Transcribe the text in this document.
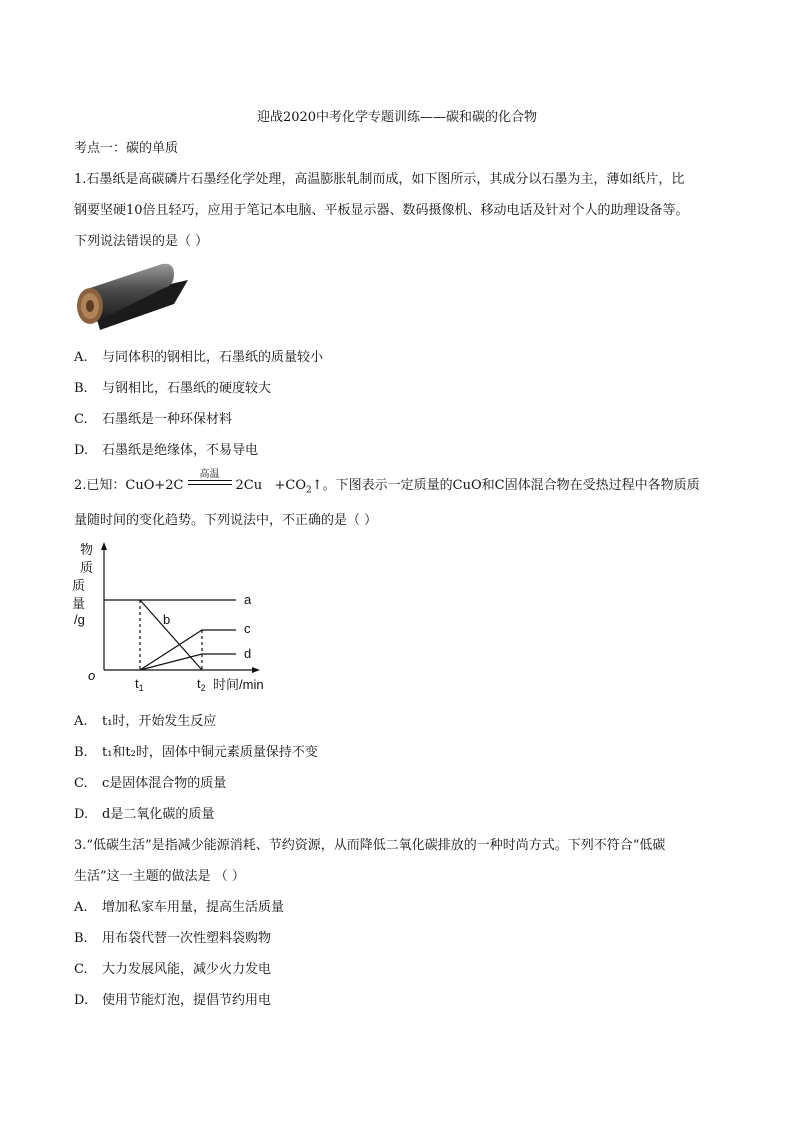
迎战2020中考化学专题训练——碳和碳的化合物
考点一：碳的单质
1.石墨纸是高碳磷片石墨经化学处理，高温膨胀轧制而成，如下图所示，其成分以石墨为主，薄如纸片，比
钢要坚硬10倍且轻巧，应用于笔记本电脑、平板显示器、数码摄像机、移动电话及针对个人的助理设备等。
下列说法错误的是（ ）
A. 与同体积的钢相比，石墨纸的质量较小
B. 与钢相比，石墨纸的硬度较大
C. 石墨纸是一种环保材料
D. 石墨纸是绝缘体，不易导电
2.已知：CuO+2C
高温
$2Cu +CO_2↑$。下图表示一定质量的CuO和C固体混合物在受热过程中各物质质
量随时间的变化趋势。下列说法中，不正确的是（ ）
物
质
质
量
/g
o
$t_1$	$t_2$ 时间/min
a
b
c
d
A. t₁时，开始发生反应
B. t₁和t₂时，固体中铜元素质量保持不变
C. c是固体混合物的质量
D. d是二氧化碳的质量
3.“低碳生活”是指减少能源消耗、节约资源，从而降低二氧化碳排放的一种时尚方式。下列不符合“低碳
生活”这一主题的做法是 （ ）
A. 增加私家车用量，提高生活质量
B. 用布袋代替一次性塑料袋购物
C. 大力发展风能，减少火力发电
D. 使用节能灯泡，提倡节约用电
